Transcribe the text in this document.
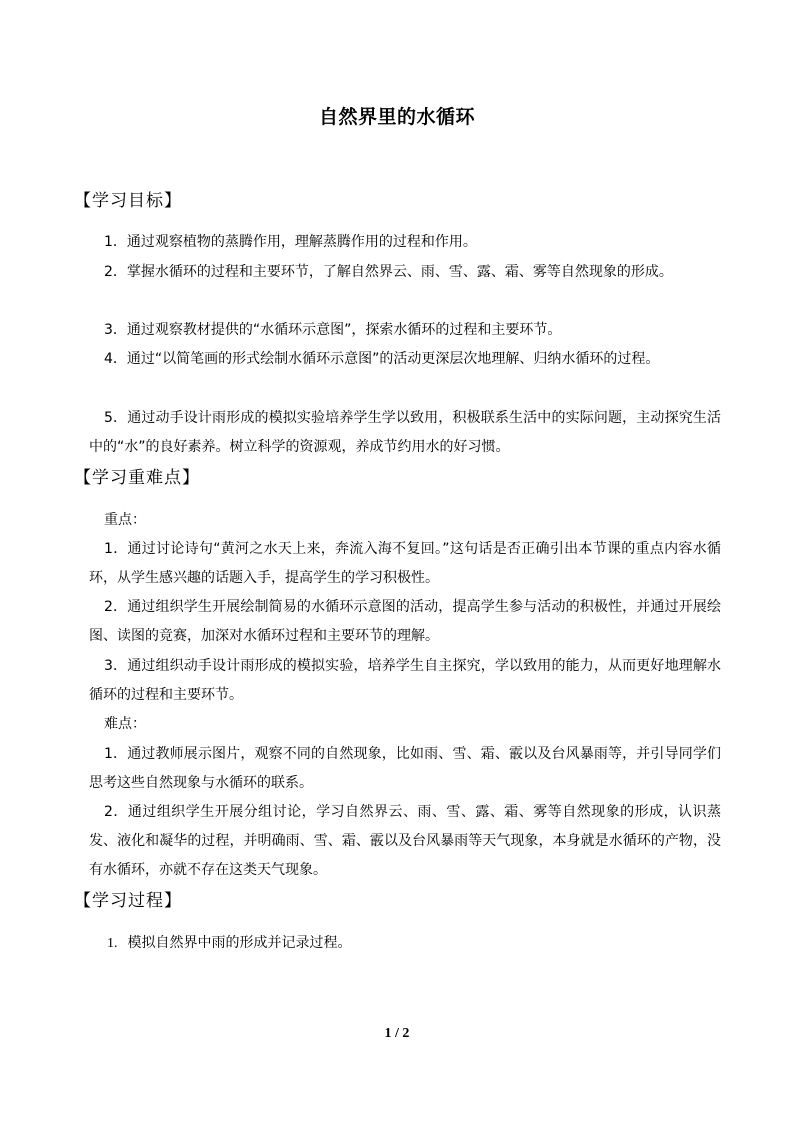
自然界里的水循环
【学习目标】

1．通过观察植物的蒸腾作用，理解蒸腾作用的过程和作用。

2．掌握水循环的过程和主要环节，了解自然界云、雨、雪、露、霜、雾等自然现象的形成。

3．通过观察教材提供的“水循环示意图”，探索水循环的过程和主要环节。

4．通过“以简笔画的形式绘制水循环示意图”的活动更深层次地理解、归纳水循环的过程。

5．通过动手设计雨形成的模拟实验培养学生学以致用，积极联系生活中的实际问题，主动探究生活中的“水”的良好素养。树立科学的资源观，养成节约用水的好习惯。

【学习重难点】
重点：

1．通过讨论诗句“黄河之水天上来，奔流入海不复回。”这句话是否正确引出本节课的重点内容水循环，从学生感兴趣的话题入手，提高学生的学习积极性。

2．通过组织学生开展绘制简易的水循环示意图的活动，提高学生参与活动的积极性，并通过开展绘图、读图的竞赛，加深对水循环过程和主要环节的理解。

3．通过组织动手设计雨形成的模拟实验，培养学生自主探究，学以致用的能力，从而更好地理解水循环的过程和主要环节。

难点：

1．通过教师展示图片，观察不同的自然现象，比如雨、雪、霜、霰以及台风暴雨等，并引导同学们思考这些自然现象与水循环的联系。

2．通过组织学生开展分组讨论，学习自然界云、雨、雪、露、霜、雾等自然现象的形成，认识蒸发、液化和凝华的过程，并明确雨、雪、霜、霰以及台风暴雨等天气现象，本身就是水循环的产物，没有水循环，亦就不存在这类天气现象。

【学习过程】
1. 模拟自然界中雨的形成并记录过程。
1 / 2
